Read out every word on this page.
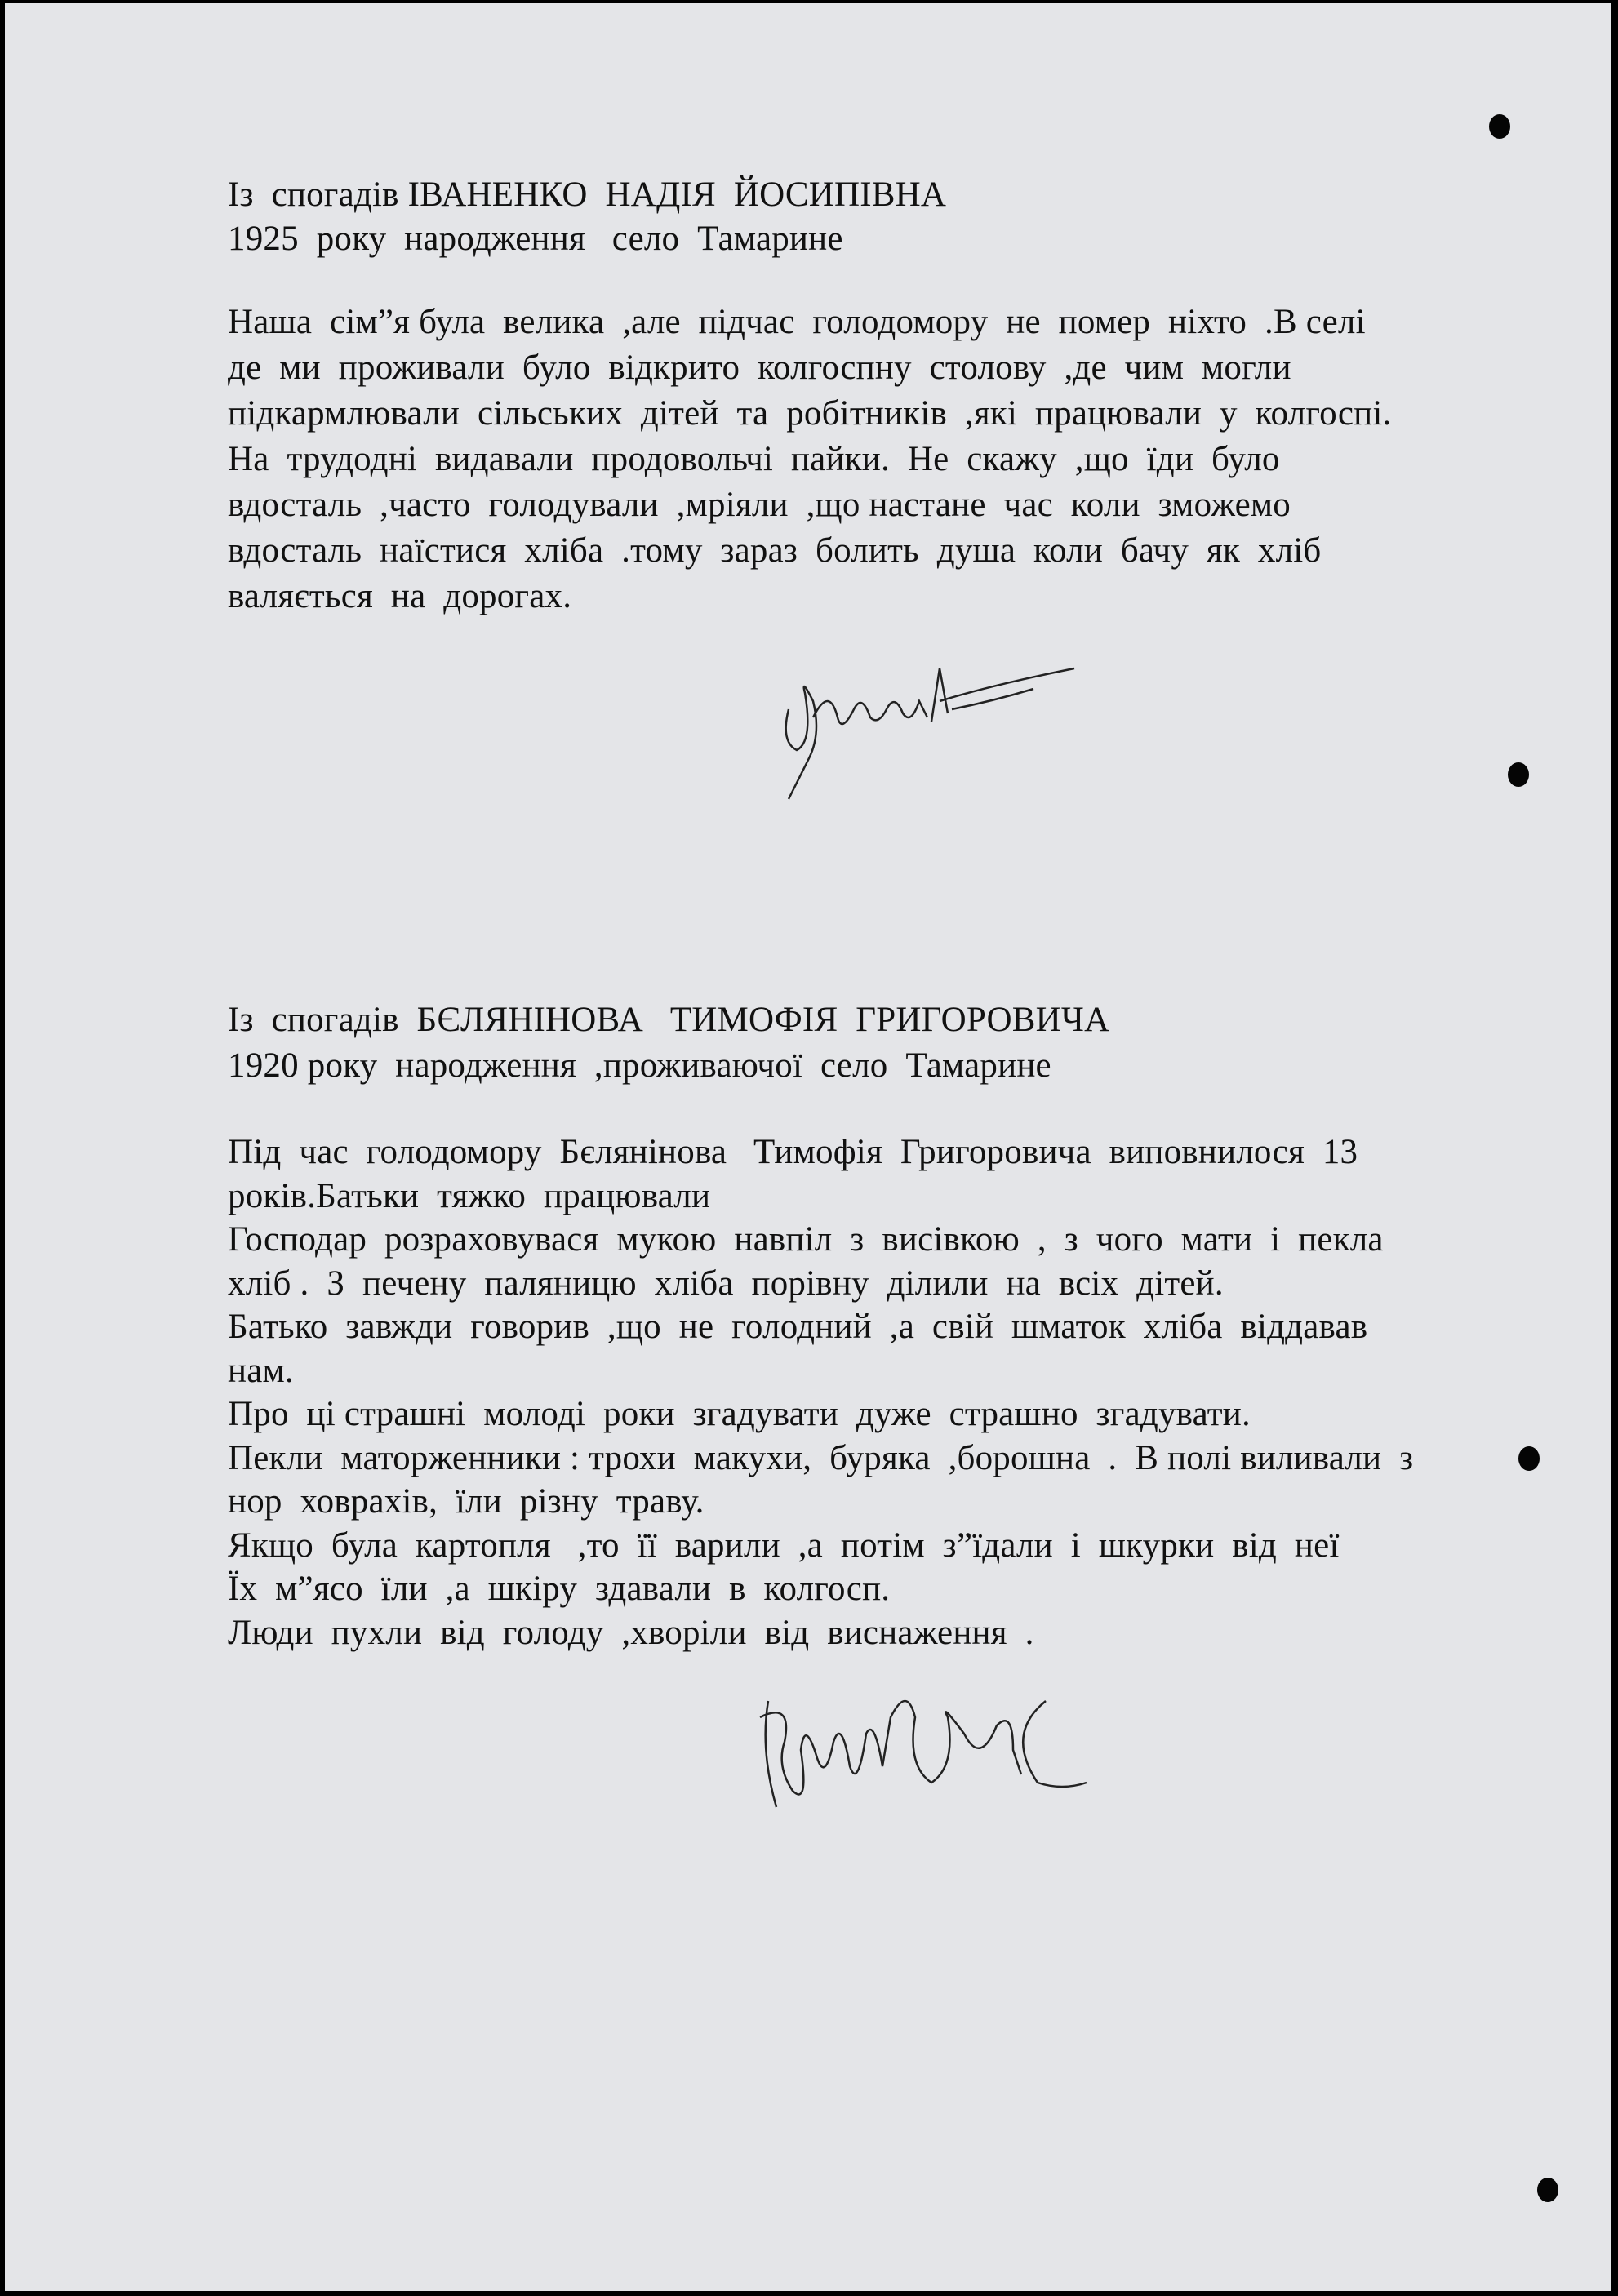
Із  спогадів ІВАНЕНКО  НАДІЯ  ЙОСИПІВНА
1925  року  народження   село  Тамарине
Наша  сім”я була  велика  ,але  підчас  голодомору  не  помер  ніхто  .В селі
де  ми  проживали  було  відкрито  колгоспну  столову  ,де  чим  могли
підкармлювали  сільських  дітей  та  робітників  ,які  працювали  у  колгоспі.
На  трудодні  видавали  продовольчі  пайки.  Не  скажу  ,що  їди  було
вдосталь  ,часто  голодували  ,мріяли  ,що настане  час  коли  зможемо
вдосталь  наїстися  хліба  .тому  зараз  болить  душа  коли  бачу  як  хліб
валяється  на  дорогах.
Із  спогадів  БЄЛЯНІНОВА   ТИМОФІЯ  ГРИГОРОВИЧА
1920 року  народження  ,проживаючої  село  Тамарине
Під  час  голодомору  Бєлянінова   Тимофія  Григоровича  виповнилося  13
років.Батьки  тяжко  працювали
Господар  розраховувася  мукою  навпіл  з  висівкою  ,  з  чого  мати  і  пекла
хліб .  З  печену  паляницю  хліба  порівну  ділили  на  всіх  дітей.
Батько  завжди  говорив  ,що  не  голодний  ,а  свій  шматок  хліба  віддавав
нам.
Про  ці страшні  молоді  роки  згадувати  дуже  страшно  згадувати.
Пекли  маторженники : трохи  макухи,  буряка  ,борошна  .  В полі виливали  з
нор  ховрахів,  їли  різну  траву.
Якщо  була  картопля   ,то  її  варили  ,а  потім  з”їдали  і  шкурки  від  неї
Їх  м”ясо  їли  ,а  шкіру  здавали  в  колгосп.
Люди  пухли  від  голоду  ,хворіли  від  виснаження  .
